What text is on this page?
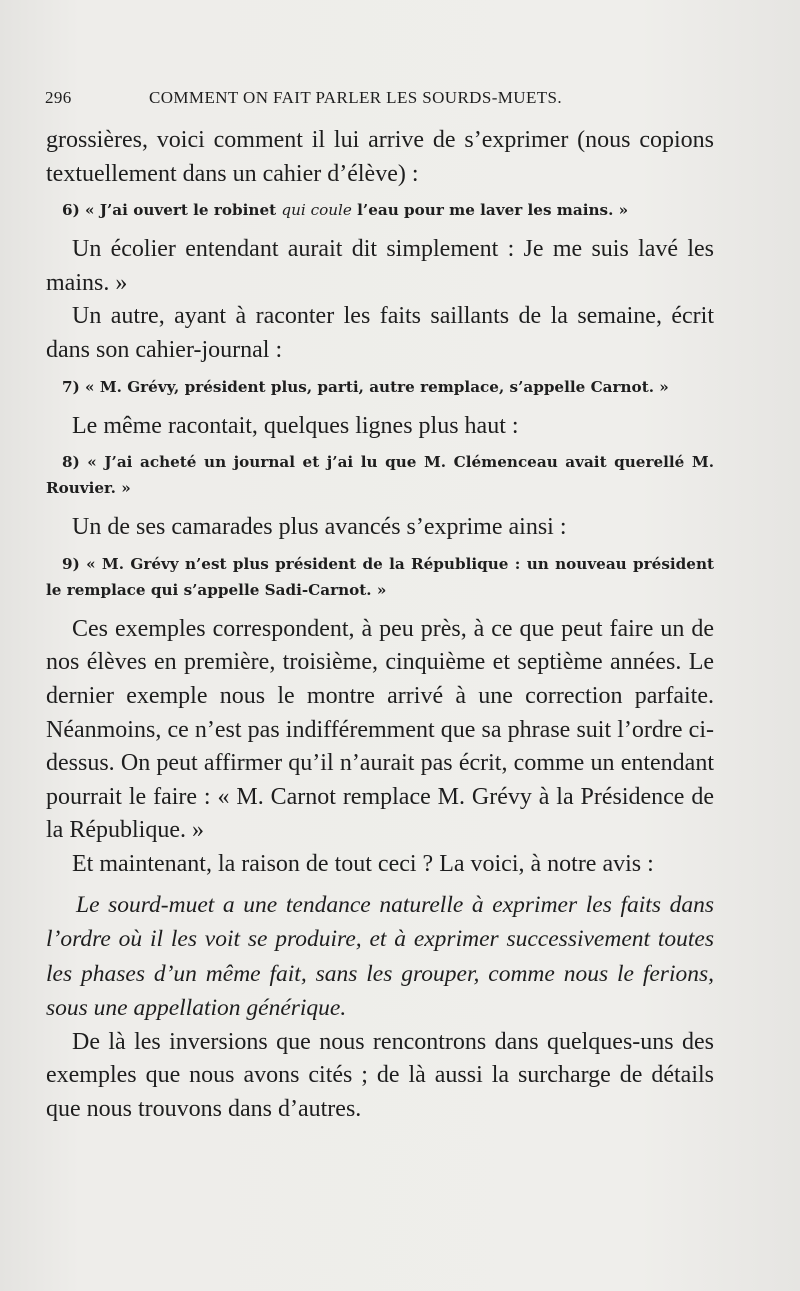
296	COMMENT ON FAIT PARLER LES SOURDS-MUETS.

grossières, voici comment il lui arrive de s’exprimer (nous copions textuellement dans un cahier d’élève) :

6) « J’ai ouvert le robinet qui coule l’eau pour me laver les mains. »

Un écolier entendant aurait dit simplement : Je me suis lavé les mains. »

Un autre, ayant à raconter les faits saillants de la semaine, écrit dans son cahier-journal :

7) « M. Grévy, président plus, parti, autre remplace, s’appelle Carnot. »

Le même racontait, quelques lignes plus haut :

8) « J’ai acheté un journal et j’ai lu que M. Clémenceau avait querellé M. Rouvier. »

Un de ses camarades plus avancés s’exprime ainsi :

9) « M. Grévy n’est plus président de la République : un nouveau président le remplace qui s’appelle Sadi-Carnot. »

Ces exemples correspondent, à peu près, à ce que peut faire un de nos élèves en première, troisième, cinquième et septième années. Le dernier exemple nous le montre arrivé à une correction parfaite. Néanmoins, ce n’est pas indifféremment que sa phrase suit l’ordre ci-dessus. On peut affirmer qu’il n’aurait pas écrit, comme un entendant pourrait le faire : « M. Carnot remplace M. Grévy à la Présidence de la République. »

Et maintenant, la raison de tout ceci ? La voici, à notre avis :

Le sourd-muet a une tendance naturelle à exprimer les faits dans l’ordre où il les voit se produire, et à exprimer successivement toutes les phases d’un même fait, sans les grouper, comme nous le ferions, sous une appellation générique.

De là les inversions que nous rencontrons dans quelques-uns des exemples que nous avons cités ; de là aussi la surcharge de détails que nous trouvons dans d’autres.
